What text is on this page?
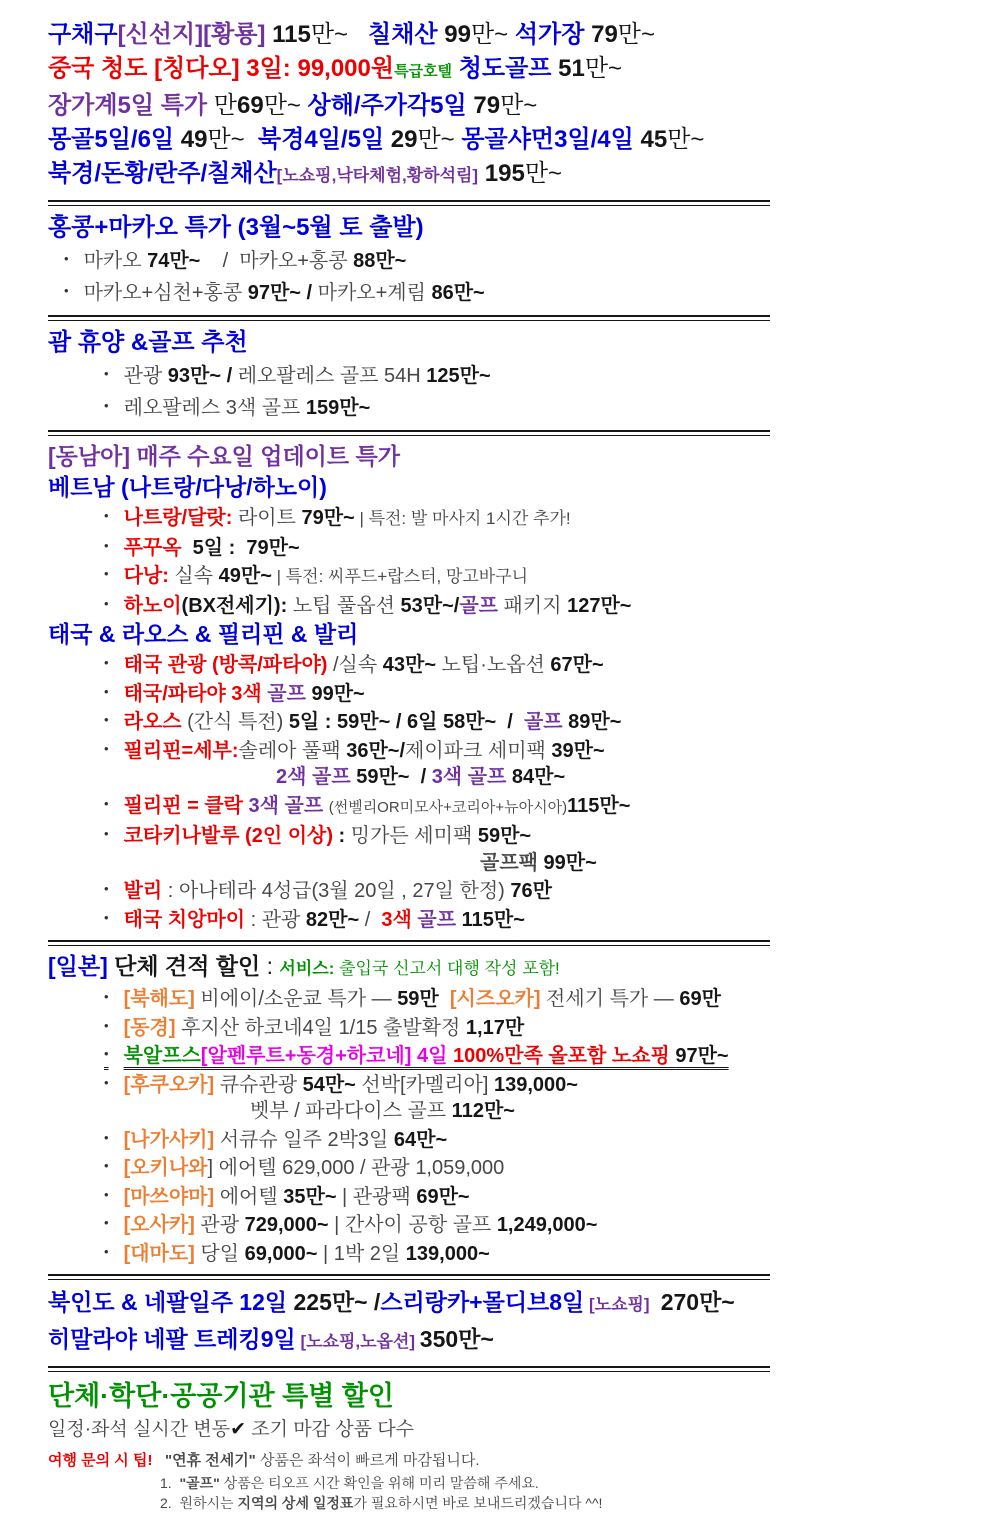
구채구[신선지][황룡] 115만~   칠채산 99만~ 석가장 79만~

중국 청도 [칭다오] 3일: 99,000원특급호텔 청도골프 51만~

장가계5일 특가 만69만~ 상해/주가각5일 79만~

몽골5일/6일 49만~  북경4일/5일 29만~ 몽골샤먼3일/4일 45만~

북경/돈황/란주/칠채산[노쇼핑,낙타체험,황하석림] 195만~

홍콩+마카오 특가 (3월~5월 토 출발)

• 마카오 74만~    /  마카오+홍콩 88만~

• 마카오+심천+홍콩 97만~ / 마카오+계림 86만~

괌 휴양 &골프 추천

• 관광 93만~ / 레오팔레스 골프 54H 125만~

• 레오팔레스 3색 골프 159만~

[동남아] 매주 수요일 업데이트 특가

베트남 (나트랑/다낭/하노이)

• 나트랑/달랏: 라이트 79만~ | 특전: 발 마사지 1시간 추가!

• 푸꾸옥  5일 :  79만~

• 다낭: 실속 49만~ | 특전: 씨푸드+랍스터, 망고바구니

• 하노이(BX전세기): 노팁 풀옵션 53만~/골프 패키지 127만~

태국 & 라오스 & 필리핀 & 발리

• 태국 관광 (방콕/파타야) /실속 43만~ 노팁·노옵션 67만~

• 태국/파타야 3색 골프 99만~

• 라오스 (간식 특전) 5일 : 59만~ / 6일 58만~  /  골프 89만~

• 필리핀=세부:솔레아 풀팩 36만~/제이파크 세미팩 39만~

2색 골프 59만~  / 3색 골프 84만~

• 필리핀 = 클락 3색 골프 (썬벨리OR미모사+코리아+뉴아시아)115만~

• 코타키나발루 (2인 이상) : 밍가든 세미팩 59만~

골프팩 99만~

• 발리 : 아나테라 4성급(3월 20일 , 27일 한정) 76만

• 태국 치앙마이 : 관광 82만~ /  3색 골프 115만~

[일본] 단체 견적 할인 : 서비스: 출입국 신고서 대행 작성 포함!

• [북해도] 비에이/소운쿄 특가 — 59만 [시즈오카] 전세기 특가 — 69만

• [동경] 후지산 하코네4일 1/15 출발확정 1,17만

• 북알프스[알펜루트+동경+하코네] 4일 100%만족 올포함 노쇼핑 97만~

• [후쿠오카] 큐슈관광 54만~ 선박[카멜리아] 139,000~

벳부 / 파라다이스 골프 112만~

• [나가사키] 서큐슈 일주 2박3일 64만~

• [오키나와] 에어텔 629,000 / 관광 1,059,000

• [마쓰야마] 에어텔 35만~ | 관광팩 69만~

• [오사카] 관광 729,000~ | 간사이 공항 골프 1,249,000~

• [대마도] 당일 69,000~ | 1박 2일 139,000~

북인도 & 네팔일주 12일 225만~ /스리랑카+몰디브8일 [노쇼핑]  270만~

히말라야 네팔 트레킹9일 [노쇼핑,노옵션] 350만~

단체·학단·공공기관 특별 할인

일정·좌석 실시간 변동✔ 조기 마감 상품 다수

여행 문의 시 팁!   "연휴 전세기" 상품은 좌석이 빠르게 마감됩니다.

1.  "골프" 상품은 티오프 시간 확인을 위해 미리 말씀해 주세요.

2.  원하시는 지역의 상세 일정표가 필요하시면 바로 보내드리겠습니다 ^^!
